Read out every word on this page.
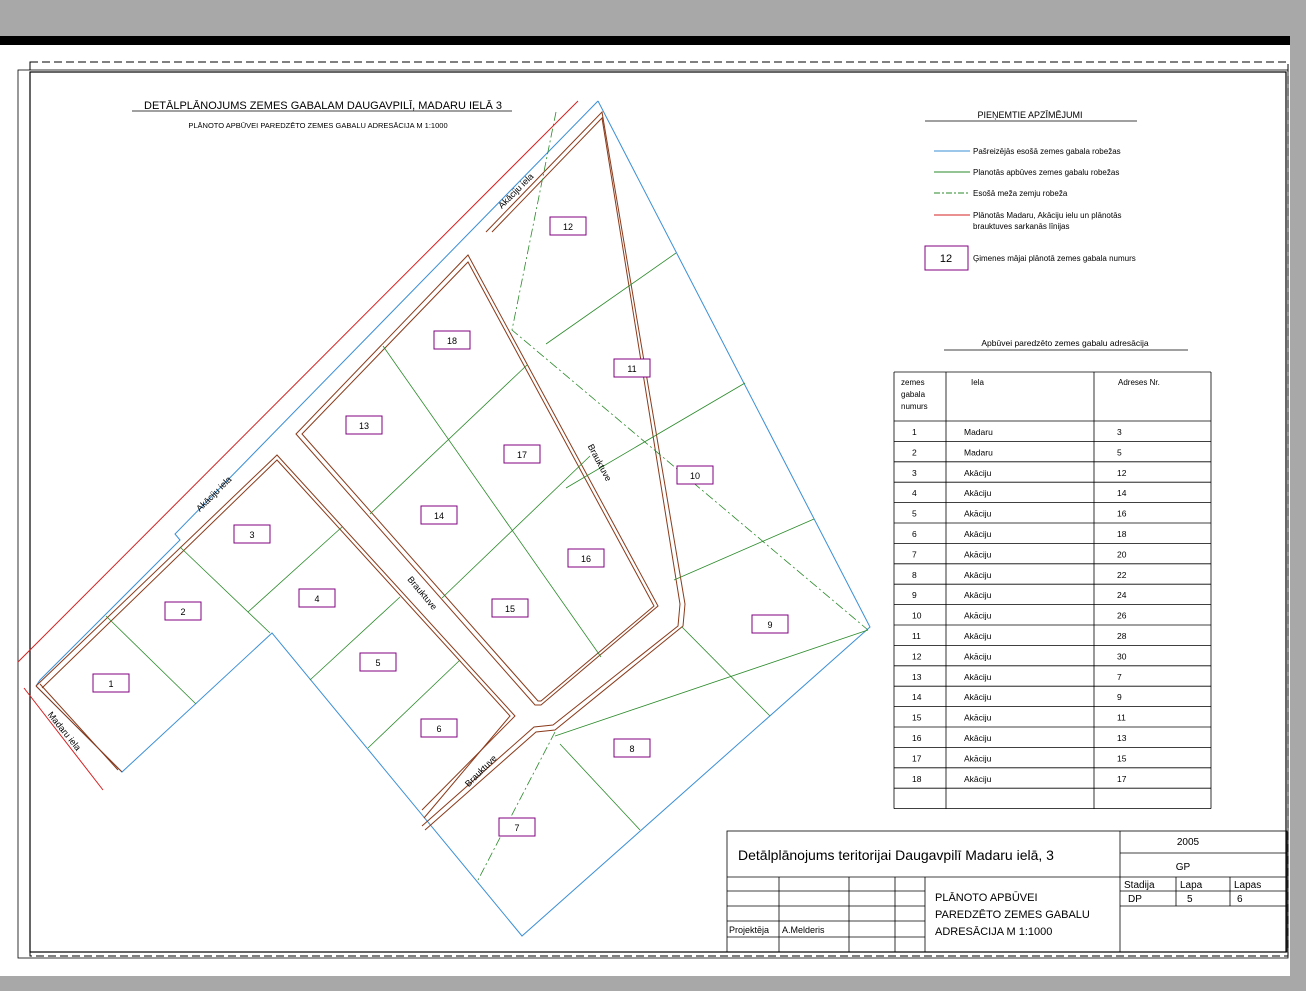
DETĀLPLĀNOJUMS ZEMES GABALAM DAUGAVPILĪ, MADARU IELĀ 3
PLĀNOTO APBŪVEI PAREDZĒTO ZEMES GABALU ADRESĀCIJA M 1:1000
1
2
3
4
5
6
7
8
9
10
11
12
13
14
15
16
17
18
Akāciju iela
Akāciju iela
Madaru iela
Brauktuve
Brauktuve
Brauktuve
PIEŅEMTIE APZĪMĒJUMI
Pašreizējās esošā zemes gabala robežas
Planotās apbūves zemes gabalu robežas
Esošā meža zemju robeža
Plānotās Madaru, Akāciju ielu un plānotās
brauktuves sarkanās līnijas
12	Ģimenes mājai plānotā zemes gabala numurs
Apbūvei paredzēto zemes gabalu adresācija
zemes
gabala
numurs
Iela	Adreses Nr.
1	Madaru	3
2	Madaru	5
3	Akāciju	12
4	Akāciju	14
5	Akāciju	16
6	Akāciju	18
7	Akāciju	20
8	Akāciju	22
9	Akāciju	24
10	Akāciju	26
11	Akāciju	28
12	Akāciju	30
13	Akāciju	7
14	Akāciju	9
15	Akāciju	11
16	Akāciju	13
17	Akāciju	15
18	Akāciju	17
Detālplānojums teritorijai Daugavpilī Madaru ielā, 3
2005
GP
Stadija	Lapa	Lapas
DP	5	6
PLĀNOTO APBŪVEI
PAREDZĒTO ZEMES GABALU
ADRESĀCIJA M 1:1000
Projektēja A.Melderis
